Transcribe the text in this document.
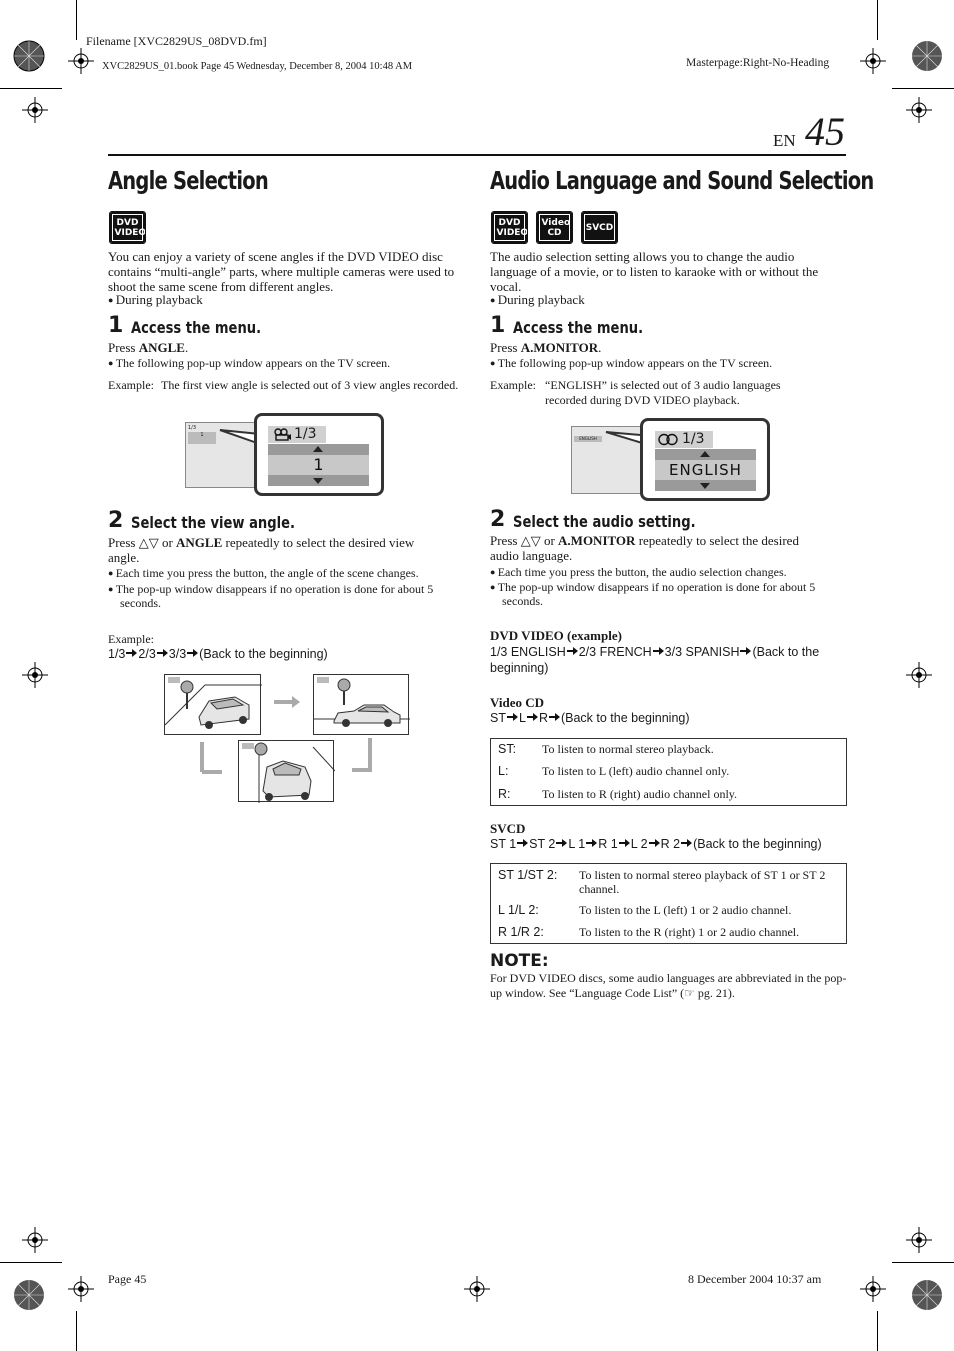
Filename [XVC2829US_08DVD.fm]
XVC2829US_01.book Page 45 Wednesday, December 8, 2004 10:48 AM	Masterpage:Right-No-Heading
EN 45
Angle Selection
DVD VIDEO
You can enjoy a variety of scene angles if the DVD VIDEO disc contains “multi-angle” parts, where multiple cameras were used to shoot the same scene from different angles.
● During playback
1 Access the menu.
Press ANGLE.
● The following pop-up window appears on the TV screen.
Example: The first view angle is selected out of 3 view angles recorded.
1/3
1	1/3
1
2 Select the view angle.
Press △▽ or ANGLE repeatedly to select the desired view angle.
● Each time you press the button, the angle of the scene changes.
● The pop-up window disappears if no operation is done for about 5 seconds.
Example:
1/3 2/3 3/3 (Back to the beginning)
Audio Language and Sound Selection
DVD VIDEO
Video CD	SVCD
The audio selection setting allows you to change the audio language of a movie, or to listen to karaoke with or without the vocal.
● During playback
1 Access the menu.
Press A.MONITOR.
● The following pop-up window appears on the TV screen.
Example: “ENGLISH” is selected out of 3 audio languages recorded during DVD VIDEO playback.
ENGLISH	1/3
ENGLISH
2 Select the audio setting.
Press △▽ or A.MONITOR repeatedly to select the desired audio language.
● Each time you press the button, the audio selection changes.
● The pop-up window disappears if no operation is done for about 5 seconds.
DVD VIDEO (example)
1/3 ENGLISH 2/3 FRENCH 3/3 SPANISH (Back to the beginning)
Video CD
ST L R (Back to the beginning)
ST: To listen to normal stereo playback.
L:	To listen to L (left) audio channel only.
R:	To listen to R (right) audio channel only.
SVCD
ST 1 ST 2 L 1 R 1 L 2 R 2 (Back to the beginning)
ST 1/ST 2: To listen to normal stereo playback of ST 1 or ST 2 channel.
L 1/L 2:	To listen to the L (left) 1 or 2 audio channel.
R 1/R 2:	To listen to the R (right) 1 or 2 audio channel.
NOTE:
For DVD VIDEO discs, some audio languages are abbreviated in the pop-up window. See “Language Code List” (☞ pg. 21).
Page 45	8 December 2004 10:37 am
